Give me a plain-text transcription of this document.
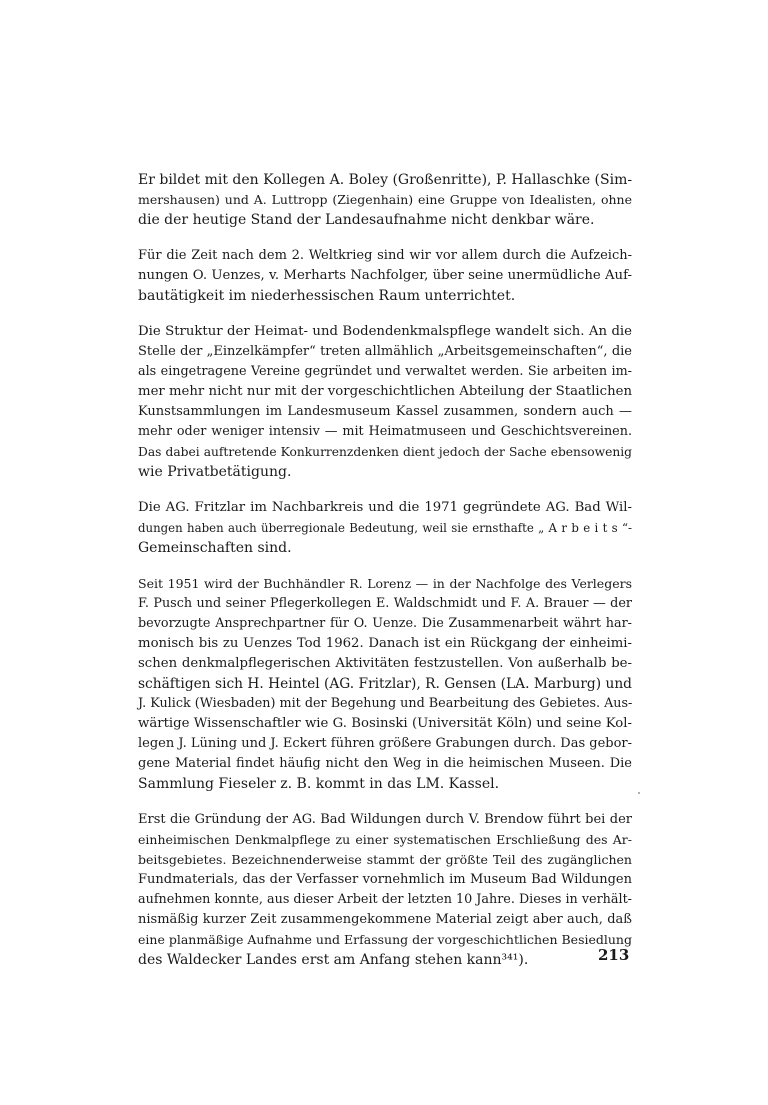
Er bildet mit den Kollegen A. Boley (Großenritte), P. Hallaschke (Sim-
mershausen) und A. Luttropp (Ziegenhain) eine Gruppe von Idealisten, ohne
die der heutige Stand der Landesaufnahme nicht denkbar wäre.

Für die Zeit nach dem 2. Weltkrieg sind wir vor allem durch die Aufzeich-
nungen O. Uenzes, v. Merharts Nachfolger, über seine unermüdliche Auf-
bautätigkeit im niederhessischen Raum unterrichtet.

Die Struktur der Heimat- und Bodendenkmalspflege wandelt sich. An die
Stelle der „Einzelkämpfer“ treten allmählich „Arbeitsgemeinschaften“, die
als eingetragene Vereine gegründet und verwaltet werden. Sie arbeiten im-
mer mehr nicht nur mit der vorgeschichtlichen Abteilung der Staatlichen
Kunstsammlungen im Landesmuseum Kassel zusammen, sondern auch —
mehr oder weniger intensiv — mit Heimatmuseen und Geschichtsvereinen.
Das dabei auftretende Konkurrenzdenken dient jedoch der Sache ebensowenig
wie Privatbetätigung.

Die AG. Fritzlar im Nachbarkreis und die 1971 gegründete AG. Bad Wil-
dungen haben auch überregionale Bedeutung, weil sie ernsthafte „ A r b e i t s “-
Gemeinschaften sind.

Seit 1951 wird der Buchhändler R. Lorenz — in der Nachfolge des Verlegers
F. Pusch und seiner Pflegerkollegen E. Waldschmidt und F. A. Brauer — der
bevorzugte Ansprechpartner für O. Uenze. Die Zusammenarbeit währt har-
monisch bis zu Uenzes Tod 1962. Danach ist ein Rückgang der einheimi-
schen denkmalpflegerischen Aktivitäten festzustellen. Von außerhalb be-
schäftigen sich H. Heintel (AG. Fritzlar), R. Gensen (LA. Marburg) und
J. Kulick (Wiesbaden) mit der Begehung und Bearbeitung des Gebietes. Aus-
wärtige Wissenschaftler wie G. Bosinski (Universität Köln) und seine Kol-
legen J. Lüning und J. Eckert führen größere Grabungen durch. Das gebor-
gene Material findet häufig nicht den Weg in die heimischen Museen. Die
Sammlung Fieseler z. B. kommt in das LM. Kassel.

Erst die Gründung der AG. Bad Wildungen durch V. Brendow führt bei der
einheimischen Denkmalpflege zu einer systematischen Erschließung des Ar-
beitsgebietes. Bezeichnenderweise stammt der größte Teil des zugänglichen
Fundmaterials, das der Verfasser vornehmlich im Museum Bad Wildungen
aufnehmen konnte, aus dieser Arbeit der letzten 10 Jahre. Dieses in verhält-
nismäßig kurzer Zeit zusammengekommene Material zeigt aber auch, daß
eine planmäßige Aufnahme und Erfassung der vorgeschichtlichen Besiedlung
des Waldecker Landes erst am Anfang stehen kann³⁴¹).	213
